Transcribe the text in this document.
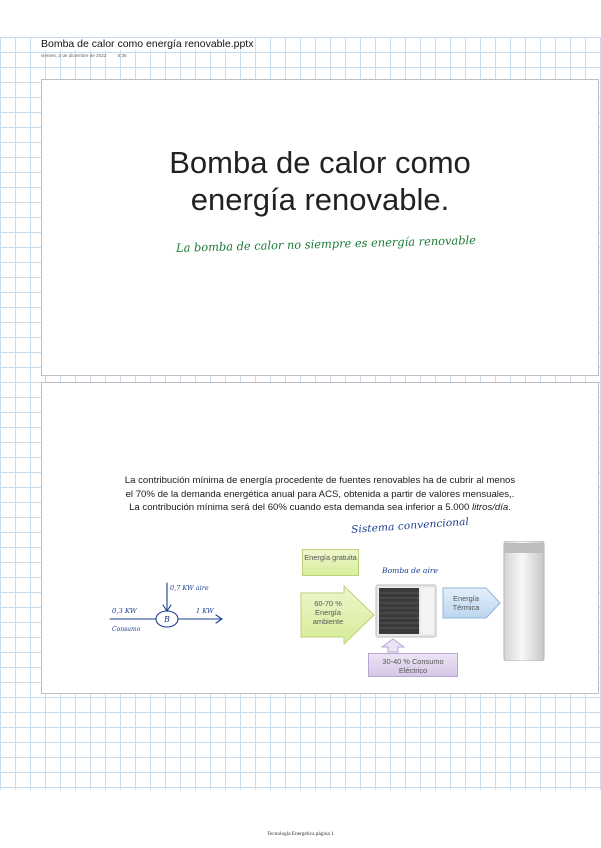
Bomba de calor como energía renovable.pptx
viernes, 2 de diciembre de 2022 8:36
Bomba de calor como
energía renovable.
La bomba de calor no siempre es energía renovable
La contribución mínima de energía procedente de fuentes renovables ha de cubrir al menos
el 70% de la demanda energética anual para ACS, obtenida a partir de valores mensuales,.
La contribución mínima será del 60% cuando esta demanda sea inferior a 5.000 litros/día.
Sistema convencional
Energía gratuita
60-70 %
Energía ambiente
Bomba de aire
Energía Térmica
30-40 % Consumo Eléctrico
0,7 KW aire
0,3 KW
B
1 KW
Consumo
Tecnología Energética página 1
